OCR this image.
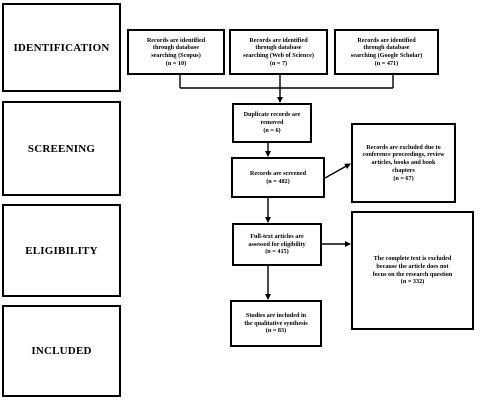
IDENTIFICATION
SCREENING
ELIGIBILITY
INCLUDED
Records are identified
through database
searching (Scopus)
(n = 10)
Records are identified
through database
searching (Web of Science)
(n = 7)
Records are identified
through database
searching (Google Scholar)
(n = 471)
Duplicate records are
removed
(n = 6)
Records are screened
(n = 482)
Records are excluded due to
conference proceedings, review
articles, books and book
chapters
(n = 67)
Full-text articles are
assessed for eligibility
(n = 415)
The complete text is excluded
because the article does not
focus on the research question
(n = 332)
Studies are included in
the qualitative synthesis
(n = 83)
